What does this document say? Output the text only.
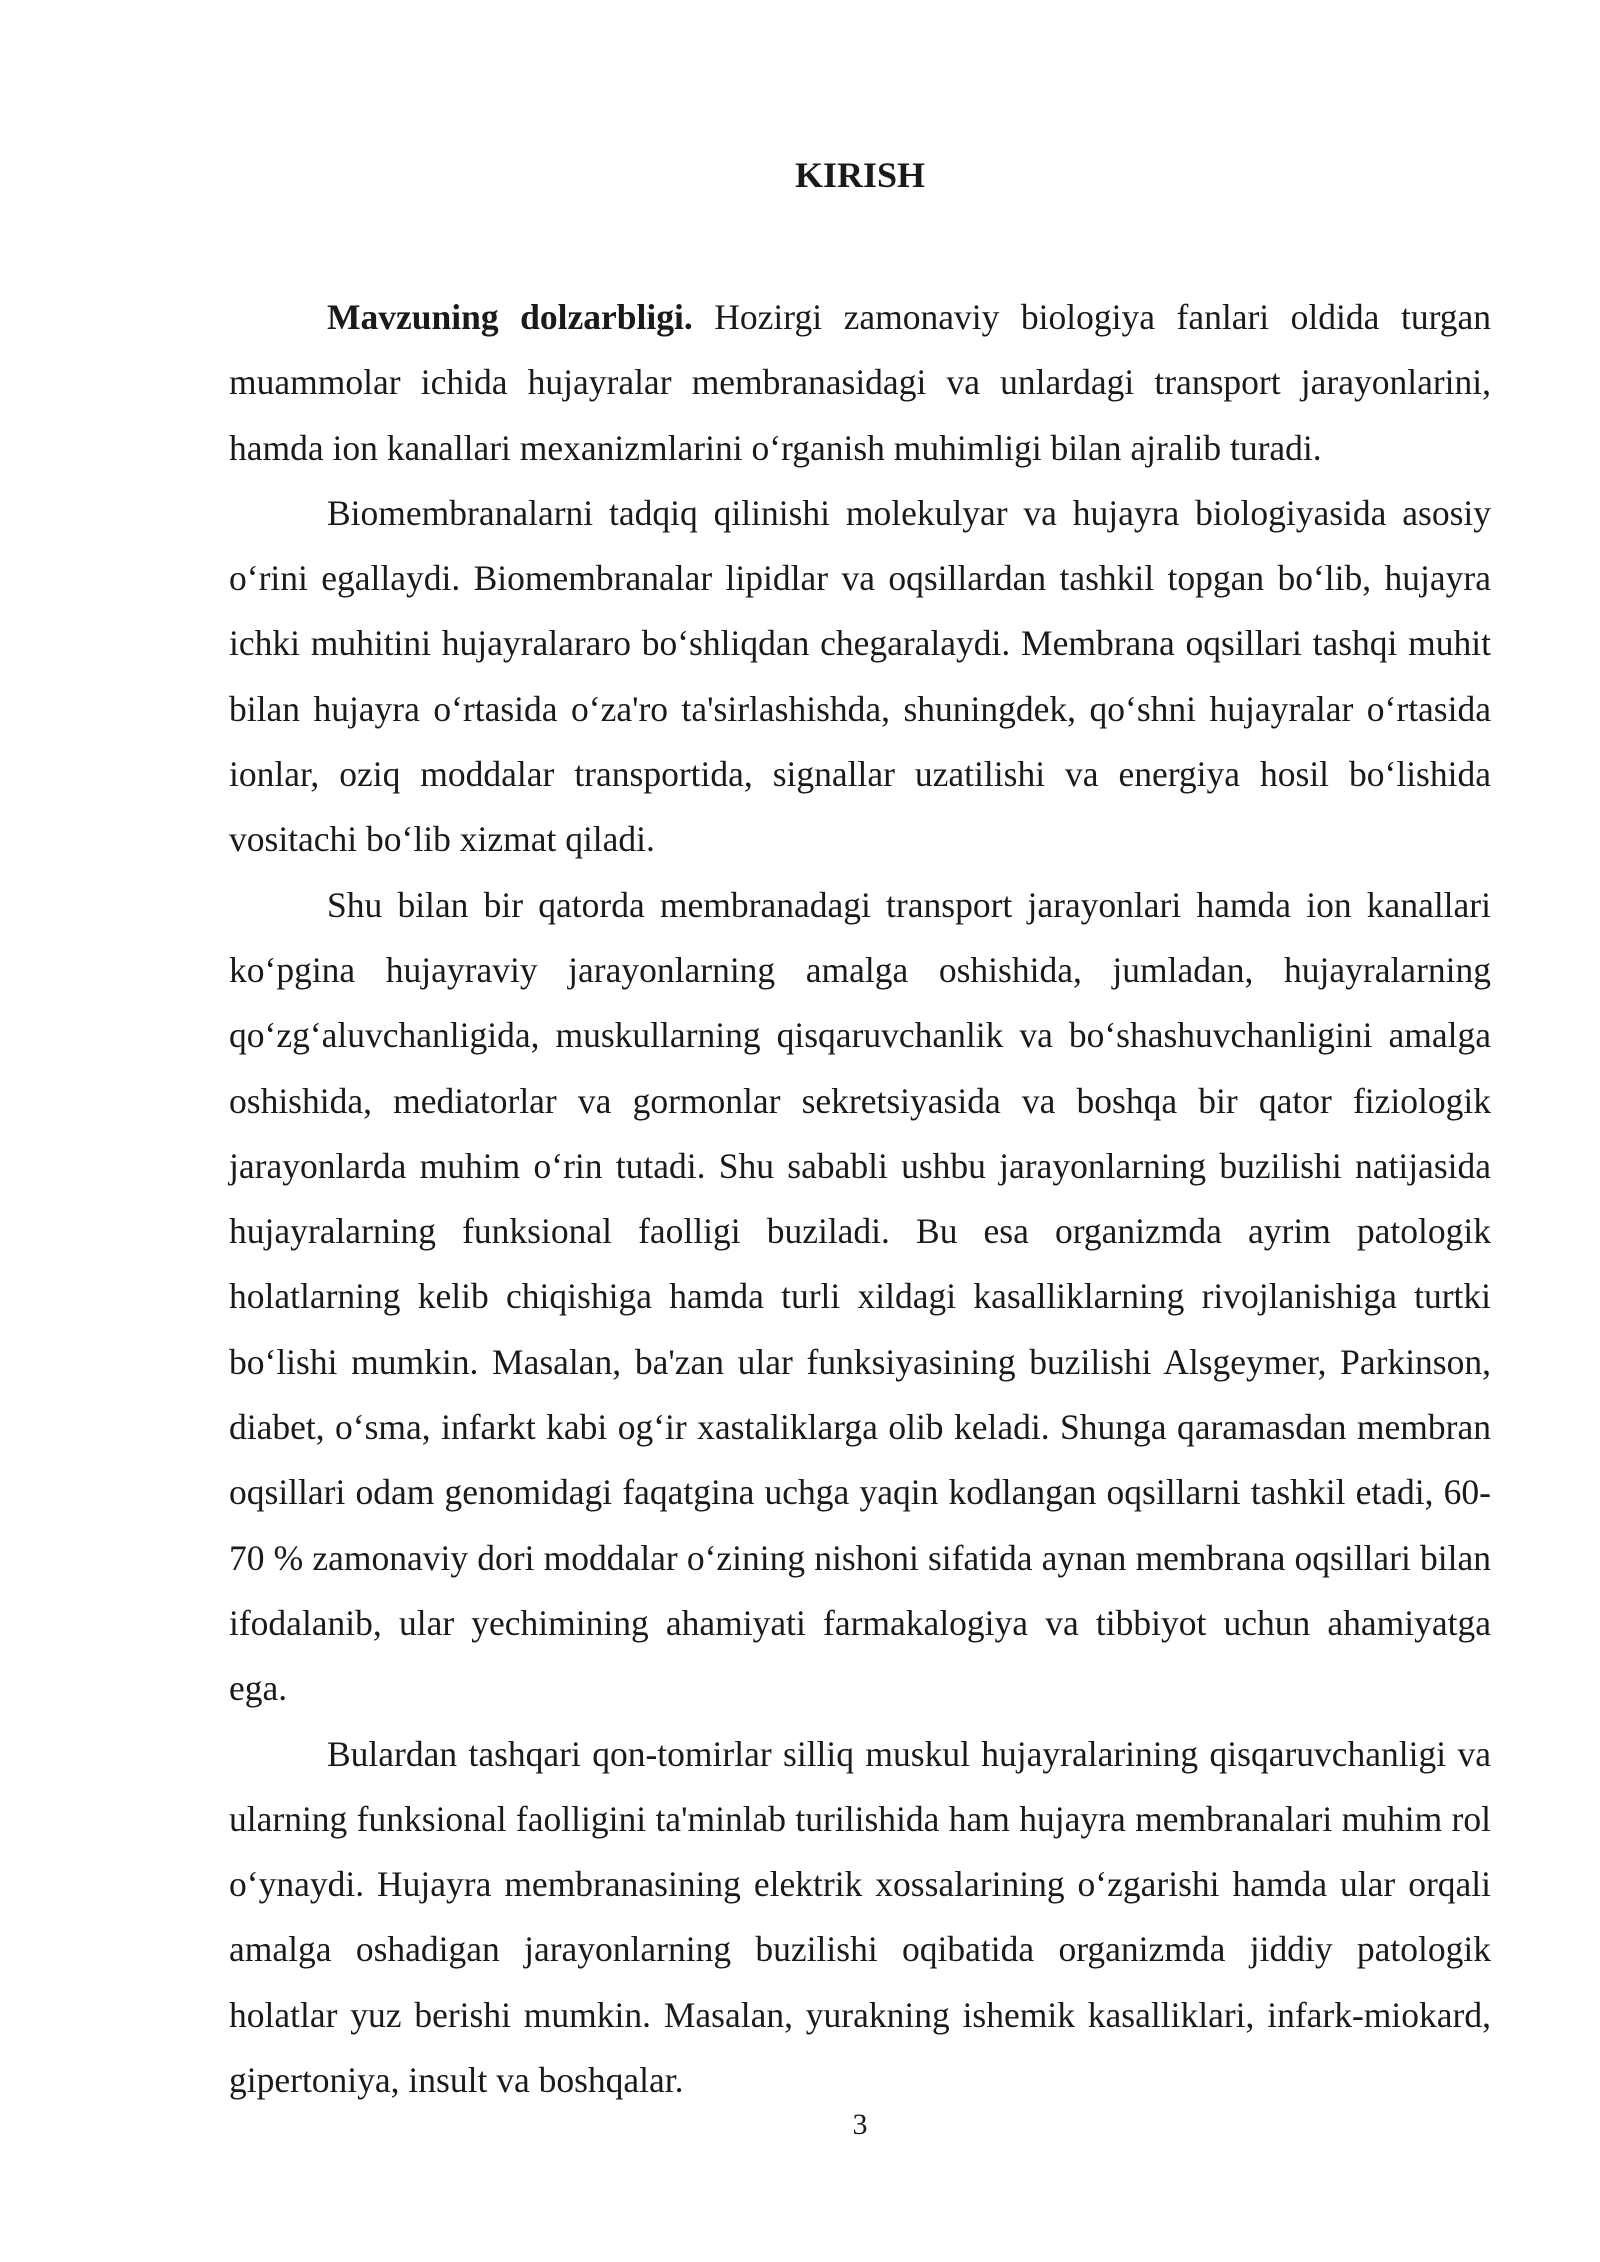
KIRISH

Mavzuning dolzarbligi. Hozirgi zamonaviy biologiya fanlari oldida turgan muammolar ichida hujayralar membranasidagi va unlardagi transport jarayonlarini, hamda ion kanallari mexanizmlarini o‘rganish muhimligi bilan ajralib turadi.

Biomembranalarni tadqiq qilinishi molekulyar va hujayra biologiyasida asosiy o‘rini egallaydi. Biomembranalar lipidlar va oqsillardan tashkil topgan bo‘lib, hujayra ichki muhitini hujayralararo bo‘shliqdan chegaralaydi. Membrana oqsillari tashqi muhit bilan hujayra o‘rtasida o‘za'ro ta'sirlashishda, shuningdek, qo‘shni hujayralar o‘rtasida ionlar, oziq moddalar transportida, signallar uzatilishi va energiya hosil bo‘lishida vositachi bo‘lib xizmat qiladi.

Shu bilan bir qatorda membranadagi transport jarayonlari hamda ion kanallari ko‘pgina hujayraviy jarayonlarning amalga oshishida, jumladan, hujayralarning qo‘zg‘aluvchanligida, muskullarning qisqaruvchanlik va bo‘shashuvchanligini amalga oshishida, mediatorlar va gormonlar sekretsiyasida va boshqa bir qator fiziologik jarayonlarda muhim o‘rin tutadi. Shu sababli ushbu jarayonlarning buzilishi natijasida hujayralarning funksional faolligi buziladi. Bu esa organizmda ayrim patologik holatlarning kelib chiqishiga hamda turli xildagi kasalliklarning rivojlanishiga turtki bo‘lishi mumkin. Masalan, ba'zan ular funksiyasining buzilishi Alsgeymer, Parkinson, diabet, o‘sma, infarkt kabi og‘ir xastaliklarga olib keladi. Shunga qaramasdan membran oqsillari odam genomidagi faqatgina uchga yaqin kodlangan oqsillarni tashkil etadi, 60-70 % zamonaviy dori moddalar o‘zining nishoni sifatida aynan membrana oqsillari bilan ifodalanib, ular yechimining ahamiyati farmakalogiya va tibbiyot uchun ahamiyatga ega.

Bulardan tashqari qon-tomirlar silliq muskul hujayralarining qisqaruvchanligi va ularning funksional faolligini ta'minlab turilishida ham hujayra membranalari muhim rol o‘ynaydi. Hujayra membranasining elektrik xossalarining o‘zgarishi hamda ular orqali amalga oshadigan jarayonlarning buzilishi oqibatida organizmda jiddiy patologik holatlar yuz berishi mumkin. Masalan, yurakning ishemik kasalliklari, infark-miokard, gipertoniya, insult va boshqalar.

3
